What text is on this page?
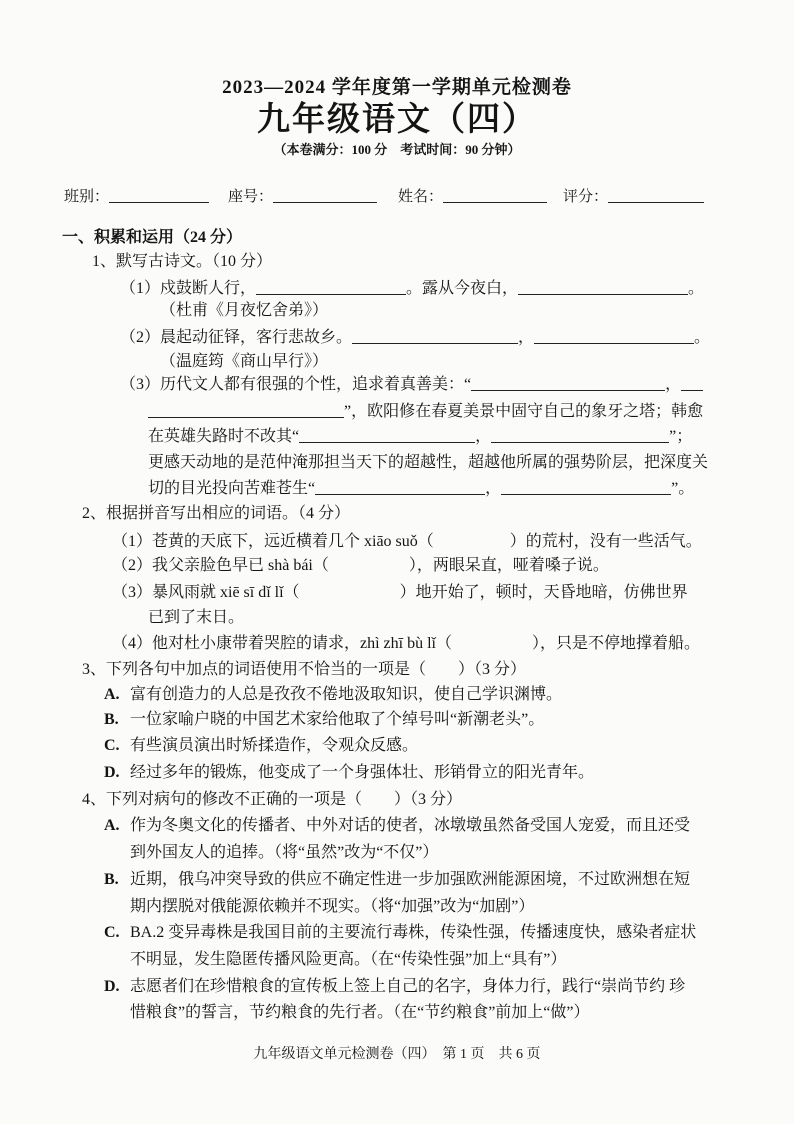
2023—2024 学年度第一学期单元检测卷
九年级语文（四）
（本卷满分：100 分　考试时间：90 分钟）
班别：	座号：	姓名：	评分：
一、积累和运用（24 分）
1、默写古诗文。（10 分）
（1）戍鼓断人行，	。露从今夜白，	。
（杜甫《月夜忆舍弟》）
（2）晨起动征铎，客行悲故乡。	，	。
（温庭筠《商山早行》）
（3）历代文人都有很强的个性，追求着真善美：“	，
”，欧阳修在春夏美景中固守自己的象牙之塔；韩愈
在英雄失路时不改其“	，	”；
更感天动地的是范仲淹那担当天下的超越性，超越他所属的强势阶层，把深度关
切的目光投向苦难苍生“	，	”。
2、根据拼音写出相应的词语。（4 分）
（1）苍黄的天底下，远近横着几个 xiāo suǒ（	）的荒村，没有一些活气。
（2）我父亲脸色早已 shà bái（	），两眼呆直，哑着嗓子说。
（3）暴风雨就 xiē sī dǐ lǐ（	）地开始了，顿时，天昏地暗，仿佛世界
已到了末日。
（4）他对杜小康带着哭腔的请求，zhì zhī bù lǐ（	），只是不停地撑着船。
3、下列各句中加点的词语使用不恰当的一项是（　　）（3 分）
A. 富有创造力的人总是孜孜不倦地汲取知识，使自己学识渊博。
B. 一位家喻户晓的中国艺术家给他取了个绰号叫“新潮老头”。
C. 有些演员演出时矫揉造作，令观众反感。
D. 经过多年的锻炼，他变成了一个身强体壮、形销骨立的阳光青年。
4、下列对病句的修改不正确的一项是（　　）（3 分）
A. 作为冬奥文化的传播者、中外对话的使者，冰墩墩虽然备受国人宠爱，而且还受
到外国友人的追捧。（将“虽然”改为“不仅”）
B. 近期，俄乌冲突导致的供应不确定性进一步加强欧洲能源困境，不过欧洲想在短
期内摆脱对俄能源依赖并不现实。（将“加强”改为“加剧”）
C. BA.2 变异毒株是我国目前的主要流行毒株，传染性强，传播速度快，感染者症状
不明显，发生隐匿传播风险更高。（在“传染性强”加上“具有”）
D. 志愿者们在珍惜粮食的宣传板上签上自己的名字，身体力行，践行“崇尚节约 珍
惜粮食”的誓言，节约粮食的先行者。（在“节约粮食”前加上“做”）
九年级语文单元检测卷（四）　第 1 页　共 6 页
